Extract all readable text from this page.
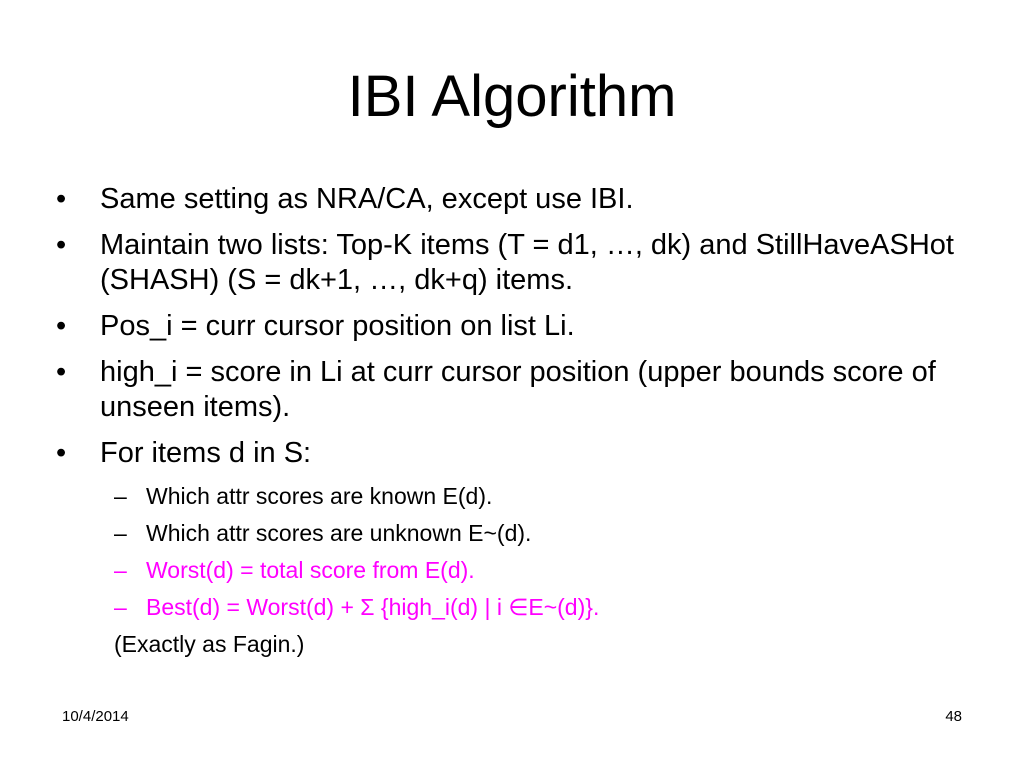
IBI Algorithm
• Same setting as NRA/CA, except use IBI.
• Maintain two lists: Top-K items (T = d1, …, dk) and StillHaveASHot (SHASH) (S = dk+1, …, dk+q) items.
• Pos_i = curr cursor position on list Li.
• high_i = score in Li at curr cursor position (upper bounds score of unseen items).
• For items d in S:
– Which attr scores are known E(d).
– Which attr scores are unknown E~(d).
– Worst(d) = total score from E(d).
– Best(d) = Worst(d) + Σ {high_i(d) | i ∈E~(d)}.
(Exactly as Fagin.)
10/4/2014	48
